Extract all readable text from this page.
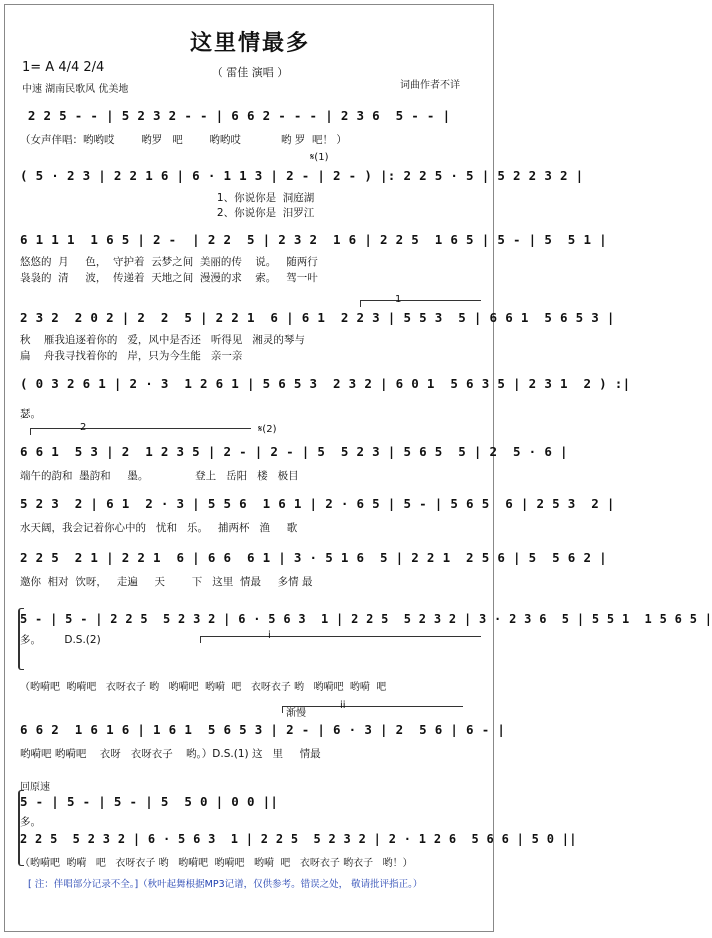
这里情最多
（ 雷佳 演唱 ）
1= A 4/4 2/4
中速 湖南民歌风 优美地	词曲作者不详
2 2 5 - - | 5 2 3 2 - - | 6 6 2 - - - | 2 3 6  5 - - |
（女声伴唱：哟哟哎        哟罗   吧        哟哟哎            哟 罗  吧！ ）
𝄋(1)
( 5 · 2 3 | 2 2 1 6 | 6 · 1 1 3 | 2 - | 2 - ) |: 2 2 5 · 5 | 5 2 2 3 2 |
1、你说你是  洞庭湖
2、你说你是  汨罗江
6 1 1 1  1 6 5 | 2 -  | 2 2  5 | 2 3 2  1 6 | 2 2 5  1 6 5 | 5 - | 5  5 1 |
悠悠的  月     色，  守护着  云梦之间  美丽的传    说。   随两行
袅袅的  清     波，  传递着  天地之间  漫漫的求    索。   驾一叶
1
2 3 2  2 0 2 | 2  2  5 | 2 2 1  6 | 6 1  2 2 3 | 5 5 3  5 | 6 6 1  5 6 5 3 |
秋    雁我追逐着你的   爱，风中是否还   听得见   湘灵的琴与
扁    舟我寻找着你的   岸，只为今生能   亲一亲
( 0 3 2 6 1 | 2 · 3  1 2 6 1 | 5 6 5 3  2 3 2 | 6 0 1  5 6 3 5 | 2 3 1  2 ) :|
瑟。
2	𝄋(2)
6 6 1  5 3 | 2  1 2 3 5 | 2 - | 2 - | 5  5 2 3 | 5 6 5  5 | 2  5 · 6 |
端午的韵和  墨韵和     墨。              登上   岳阳   楼   极目
5 2 3  2 | 6 1  2 · 3 | 5 5 6  1 6 1 | 2 · 6 5 | 5 - | 5 6 5  6 | 2 5 3  2 |
水天阔，我会记着你心中的   忧和   乐。   捕两杯   渔     歌
2 2 5  2 1 | 2 2 1  6 | 6 6  6 1 | 3 · 5 1 6  5 | 2 2 1  2 5 6 | 5  5 6 2 |
邀你  相对  饮呀，   走遍     天        下   这里  情最     多情 最
i
5 - | 5 - | 2 2 5  5 2 3 2 | 6 · 5 6 3  1 | 2 2 5  5 2 3 2 | 3 · 2 3 6  5 | 5 5 1  1 5 6 5 |
多。       D.S.(2)
（哟嗬吧  哟嗬吧   衣呀衣子 哟   哟嗬吧  哟嗬  吧   衣呀衣子 哟   哟嗬吧  哟嗬  吧
渐慢
ii
6 6 2  1 6 1 6 | 1 6 1  5 6 5 3 | 2 - | 6 · 3 | 2  5 6 | 6 - |
哟嗬吧 哟嗬吧    衣呀   衣呀衣子    哟。）D.S.(1) 这   里     情最
回原速
5 - | 5 - | 5 - | 5  5 0 | 0 0 ||
多。
2 2 5  5 2 3 2 | 6 · 5 6 3  1 | 2 2 5  5 2 3 2 | 2 · 1 2 6  5 6 6 | 5 0 ||
（哟嗬吧  哟嗬   吧   衣呀衣子 哟   哟嗬吧  哟嗬吧   哟嗬  吧   衣呀衣子 哟衣子   哟！）
[ 注：伴唱部分记录不全。]（秋叶起舞根据MP3记谱，仅供参考。错误之处， 敬请批评指正。）
